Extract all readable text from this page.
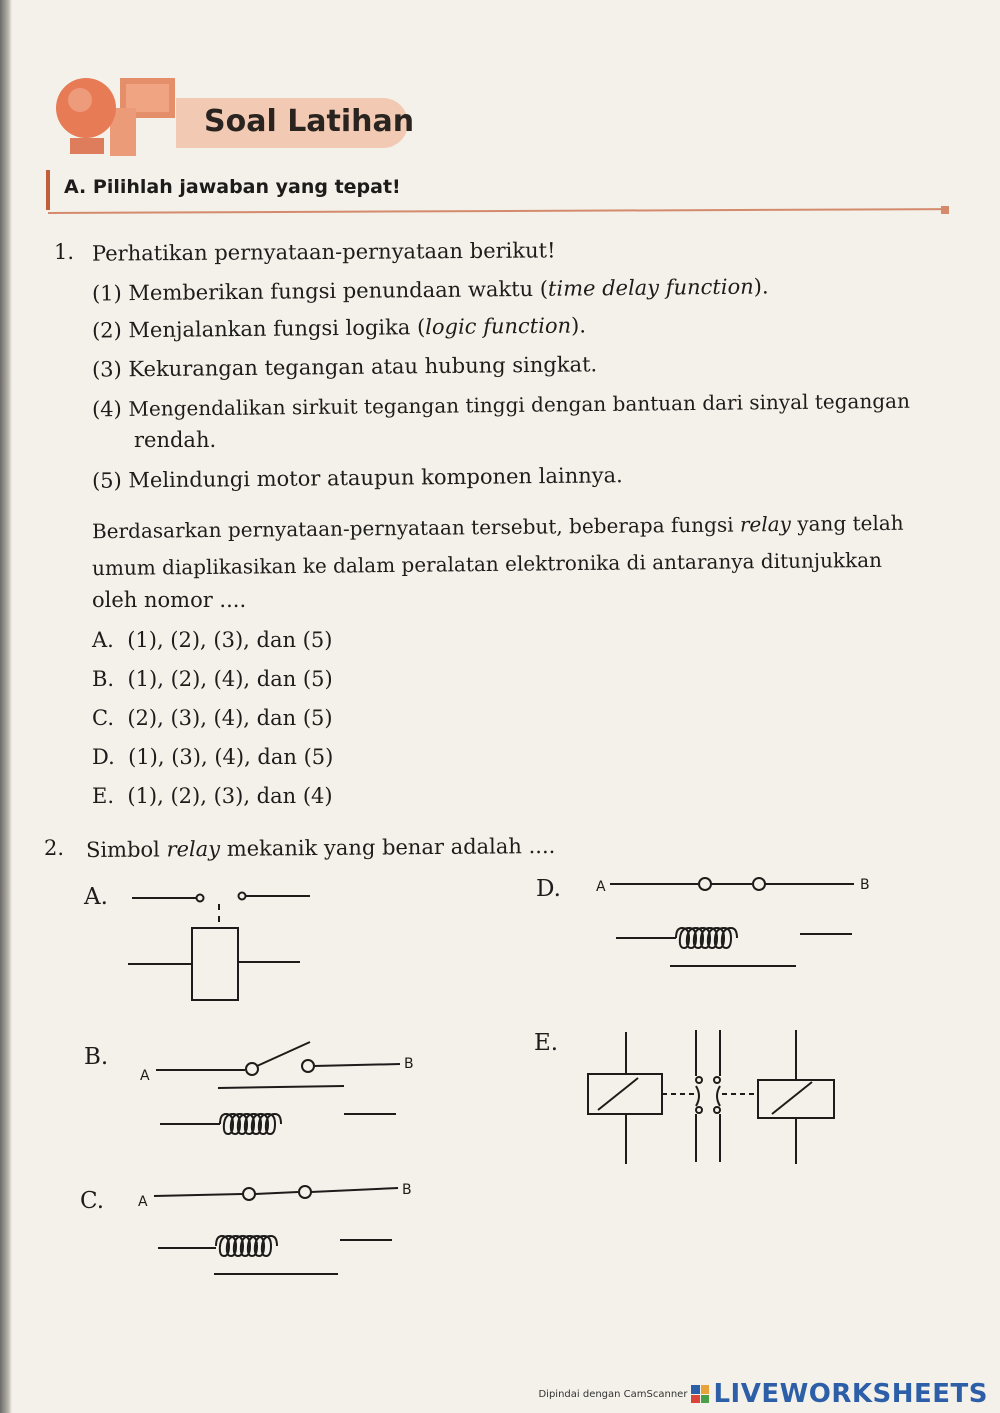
Soal Latihan
A. Pilihlah jawaban yang tepat!
1. Perhatikan pernyataan-pernyataan berikut!
(1) Memberikan fungsi penundaan waktu (time delay function).
(2) Menjalankan fungsi logika (logic function).
(3) Kekurangan tegangan atau hubung singkat.
(4) Mengendalikan sirkuit tegangan tinggi dengan bantuan dari sinyal tegangan
rendah.
(5) Melindungi motor ataupun komponen lainnya.
Berdasarkan pernyataan-pernyataan tersebut, beberapa fungsi relay yang telah
umum diaplikasikan ke dalam peralatan elektronika di antaranya ditunjukkan
oleh nomor ....
A. (1), (2), (3), dan (5)
B. (1), (2), (4), dan (5)
C. (2), (3), (4), dan (5)
D. (1), (3), (4), dan (5)
E. (1), (2), (3), dan (4)
2. Simbol relay mekanik yang benar adalah ....
A.	D.
B.
E.
C.
A	B
A
B
A
B
Dipindai dengan CamScanner LIVEWORKSHEETS
